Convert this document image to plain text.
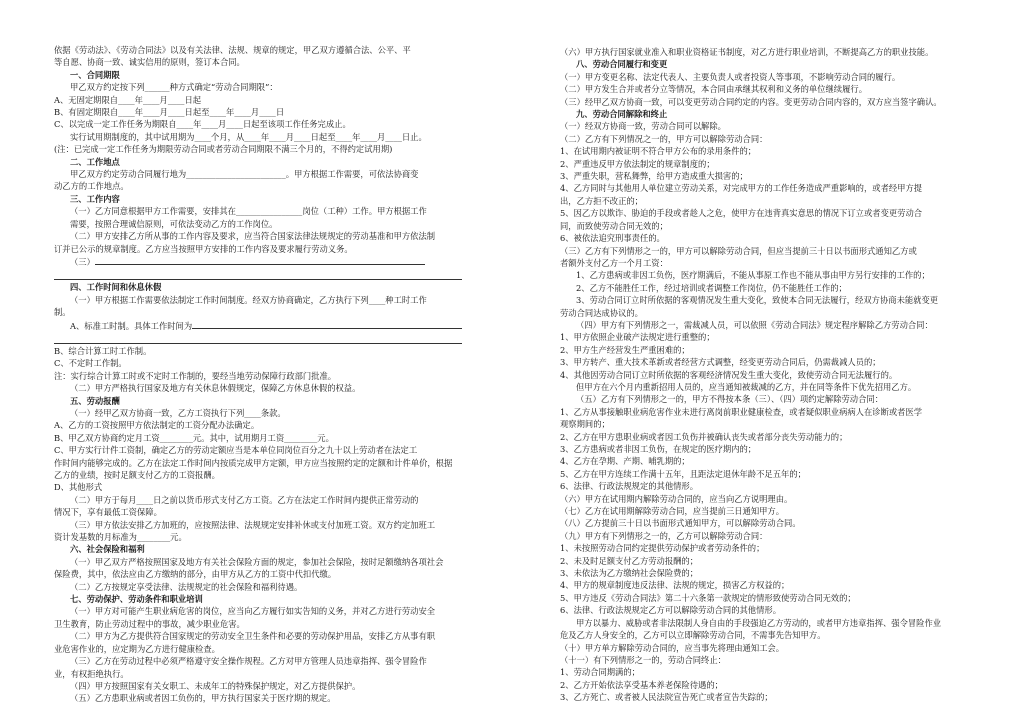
依据《劳动法》、《劳动合同法》以及有关法律、法规、规章的规定，甲乙双方遵循合法、公平、平
等自愿、协商一致、诚实信用的原则，签订本合同。
一、合同期限
甲乙双方约定按下列______种方式确定“劳动合同期限”：
A、无固定期限自____年____月____日起
B、有固定期限自____年____月____日起至____年____月____日
C、以完成一定工作任务为期限自____年____月____日起至该项工作任务完成止。
实行试用期制度的，其中试用期为____个月，从____年____月____日起至____年____月____日止。
(注：已完成一定工作任务为期限劳动合同或者劳动合同期限不满三个月的，不得约定试用期)
二、工作地点
甲乙双方约定劳动合同履行地为________________________。甲方根据工作需要，可依法协商变
动乙方的工作地点。
三、工作内容
（一）乙方同意根据甲方工作需要，安排其在________________岗位（工种）工作。甲方根据工作
需要，按照合理诚信原则，可依法变动乙方的工作岗位。
（二）甲方安排乙方所从事的工作内容及要求，应当符合国家法律法规规定的劳动基准和甲方依法制
订并已公示的规章制度。乙方应当按照甲方安排的工作内容及要求履行劳动义务。
（三）
四、工作时间和休息休假
（一）甲方根据工作需要依法制定工作时间制度。经双方协商确定，乙方执行下列____种工时工作
制。
A、标准工时制。具体工作时间为
B、综合计算工时工作制。
C、不定时工作制。
注：实行综合计算工时或不定时工作制的，要经当地劳动保障行政部门批准。
（二）甲方严格执行国家及地方有关休息休假规定，保障乙方休息休假的权益。
五、劳动报酬
（一）经甲乙双方协商一致，乙方工资执行下列____条款。
A、乙方的工资按照甲方依法制定的工资分配办法确定。
B、甲乙双方协商约定月工资________元。其中，试用期月工资________元。
C、甲方实行计件工资制，确定乙方的劳动定额应当是本单位同岗位百分之九十以上劳动者在法定工
作时间内能够完成的。乙方在法定工作时间内按质完成甲方定额，甲方应当按照约定的定额和计件单价，根据
乙方的业绩，按时足额支付乙方的工资报酬。
D、其他形式
（二）甲方于每月____日之前以货币形式支付乙方工资。乙方在法定工作时间内提供正常劳动的
情况下，享有最低工资保障。
（三）甲方依法安排乙方加班的，应按照法律、法规规定安排补休或支付加班工资。双方约定加班工
资计发基数的月标准为________元。
六、社会保险和福利
（一）甲乙双方严格按照国家及地方有关社会保险方面的规定，参加社会保险，按时足额缴纳各项社会
保险费，其中，依法应由乙方缴纳的部分，由甲方从乙方的工资中代扣代缴。
（二）乙方按规定享受法律、法规规定的社会保险和福利待遇。
七、劳动保护、劳动条件和职业培训
（一）甲方对可能产生职业病危害的岗位，应当向乙方履行如实告知的义务，并对乙方进行劳动安全
卫生教育，防止劳动过程中的事故，减少职业危害。
（二）甲方为乙方提供符合国家规定的劳动安全卫生条件和必要的劳动保护用品，安排乙方从事有职
业危害作业的，应定期为乙方进行健康检查。
（三）乙方在劳动过程中必须严格遵守安全操作规程。乙方对甲方管理人员违章指挥、强令冒险作
业，有权拒绝执行。
（四）甲方按照国家有关女职工、未成年工的特殊保护规定，对乙方提供保护。
（五）乙方患职业病或者因工负伤的，甲方执行国家关于医疗期的规定。
（六）甲方执行国家就业准入和职业资格证书制度，对乙方进行职业培训，不断提高乙方的职业技能。
八、劳动合同履行和变更
（一）甲方变更名称、法定代表人、主要负责人或者投资人等事项，不影响劳动合同的履行。
（二）甲方发生合并或者分立等情况，本合同由承继其权利和义务的单位继续履行。
（三）经甲乙双方协商一致，可以变更劳动合同约定的内容。变更劳动合同内容的，双方应当签字确认。
九、劳动合同解除和终止
（一）经双方协商一致，劳动合同可以解除。
（二）乙方有下列情况之一的，甲方可以解除劳动合同：
1、在试用期内被证明不符合甲方公布的录用条件的；
2、严重违反甲方依法制定的规章制度的；
3、严重失职，营私舞弊，给甲方造成重大损害的；
4、乙方同时与其他用人单位建立劳动关系，对完成甲方的工作任务造成严重影响的，或者经甲方提
出，乙方拒不改正的；
5、因乙方以欺诈、胁迫的手段或者趁人之危，使甲方在违背真实意思的情况下订立或者变更劳动合
同，而致使劳动合同无效的；
6、被依法追究刑事责任的。
（三）乙方有下列情形之一的，甲方可以解除劳动合同，但应当提前三十日以书面形式通知乙方或
者额外支付乙方一个月工资：
1、乙方患病或非因工负伤，医疗期满后，不能从事原工作也不能从事由甲方另行安排的工作的；
2、乙方不能胜任工作，经过培训或者调整工作岗位，仍不能胜任工作的；
3、劳动合同订立时所依据的客观情况发生重大变化，致使本合同无法履行，经双方协商未能就变更
劳动合同达成协议的。
（四）甲方有下列情形之一，需裁减人员，可以依照《劳动合同法》规定程序解除乙方劳动合同：
1、甲方依照企业破产法规定进行重整的；
2、甲方生产经营发生严重困难的；
3、甲方转产、重大技术革新或者经营方式调整，经变更劳动合同后，仍需裁减人员的；
4、其他因劳动合同订立时所依据的客观经济情况发生重大变化，致使劳动合同无法履行的。
但甲方在六个月内重新招用人员的，应当通知被裁减的乙方，并在同等条件下优先招用乙方。
（五）乙方有下列情形之一的，甲方不得按本条（三）、（四）项约定解除劳动合同：
1、乙方从事接触职业病危害作业未进行离岗前职业健康检查，或者疑似职业病病人在诊断或者医学
观察期间的；
2、乙方在甲方患职业病或者因工负伤并被确认丧失或者部分丧失劳动能力的；
3、乙方患病或者非因工负伤，在规定的医疗期内的；
4、乙方在孕期、产期、哺乳期的；
5、乙方在甲方连续工作满十五年，且距法定退休年龄不足五年的；
6、法律、行政法规规定的其他情形。
（六）甲方在试用期内解除劳动合同的，应当向乙方说明理由。
（七）乙方在试用期解除劳动合同，应当提前三日通知甲方。
（八）乙方提前三十日以书面形式通知甲方，可以解除劳动合同。
（九）甲方有下列情形之一的，乙方可以解除劳动合同：
1、未按照劳动合同约定提供劳动保护或者劳动条件的；
2、未及时足额支付乙方劳动报酬的；
3、未依法为乙方缴纳社会保险费的；
4、甲方的规章制度违反法律、法规的规定，损害乙方权益的；
5、甲方违反《劳动合同法》第二十六条第一款规定的情形致使劳动合同无效的；
6、法律、行政法规规定乙方可以解除劳动合同的其他情形。
甲方以暴力、威胁或者非法限制人身自由的手段强迫乙方劳动的，或者甲方违章指挥、强令冒险作业
危及乙方人身安全的，乙方可以立即解除劳动合同，不需事先告知甲方。
（十）甲方单方解除劳动合同的，应当事先将理由通知工会。
（十一）有下列情形之一的，劳动合同终止：
1、劳动合同期满的；
2、乙方开始依法享受基本养老保险待遇的；
3、乙方死亡、或者被人民法院宣告死亡或者宣告失踪的；
